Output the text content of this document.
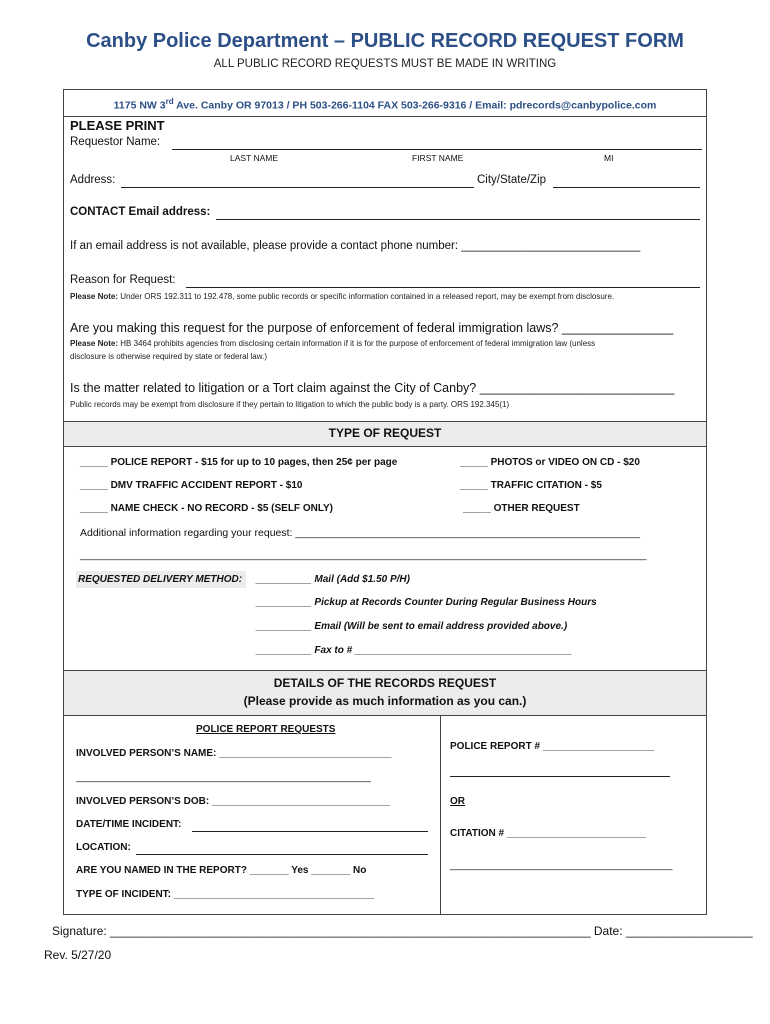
Canby Police Department – PUBLIC RECORD REQUEST FORM
ALL PUBLIC RECORD REQUESTS MUST BE MADE IN WRITING
1175 NW 3rd Ave. Canby OR 97013 / PH 503-266-1104 FAX 503-266-9316 / Email: pdrecords@canbypolice.com
PLEASE PRINT
Requestor Name:
LAST NAME	FIRST NAME	MI
Address:	City/State/Zip
CONTACT Email address:
If an email address is not available, please provide a contact phone number: ____________________________
Reason for Request:
Please Note: Under ORS 192.311 to 192.478, some public records or specific information contained in a released report, may be exempt from disclosure.
Are you making this request for the purpose of enforcement of federal immigration laws? ________________
Please Note: HB 3464 prohibits agencies from disclosing certain information if it is for the purpose of enforcement of federal immigration law (unless
disclosure is otherwise required by state or federal law.)
Is the matter related to litigation or a Tort claim against the City of Canby? ____________________________
Public records may be exempt from disclosure if they pertain to litigation to which the public body is a party. ORS 192.345(1)
TYPE OF REQUEST
_____ POLICE REPORT - $15 for up to 10 pages, then 25¢ per page	_____ PHOTOS or VIDEO ON CD - $20
_____ DMV TRAFFIC ACCIDENT REPORT - $10	_____ TRAFFIC CITATION - $5
_____ NAME CHECK - NO RECORD - $5 (SELF ONLY)	_____ OTHER REQUEST
Additional information regarding your request: ___________________________________________________________
_________________________________________________________________________________________________
REQUESTED DELIVERY METHOD: __________ Mail (Add $1.50 P/H)
__________ Pickup at Records Counter During Regular Business Hours
__________ Email (Will be sent to email address provided above.)
__________ Fax to # _______________________________________
DETAILS OF THE RECORDS REQUEST
(Please provide as much information as you can.)
POLICE REPORT REQUESTS
INVOLVED PERSON’S NAME: _______________________________
_____________________________________________________
INVOLVED PERSON’S DOB: ________________________________
DATE/TIME INCIDENT:
LOCATION:
ARE YOU NAMED IN THE REPORT? _______ Yes _______ No
TYPE OF INCIDENT: ____________________________________
POLICE REPORT # ____________________
OR
CITATION # _________________________
________________________________________
Signature: ________________________________________________________________________ Date: ___________________
Rev. 5/27/20
